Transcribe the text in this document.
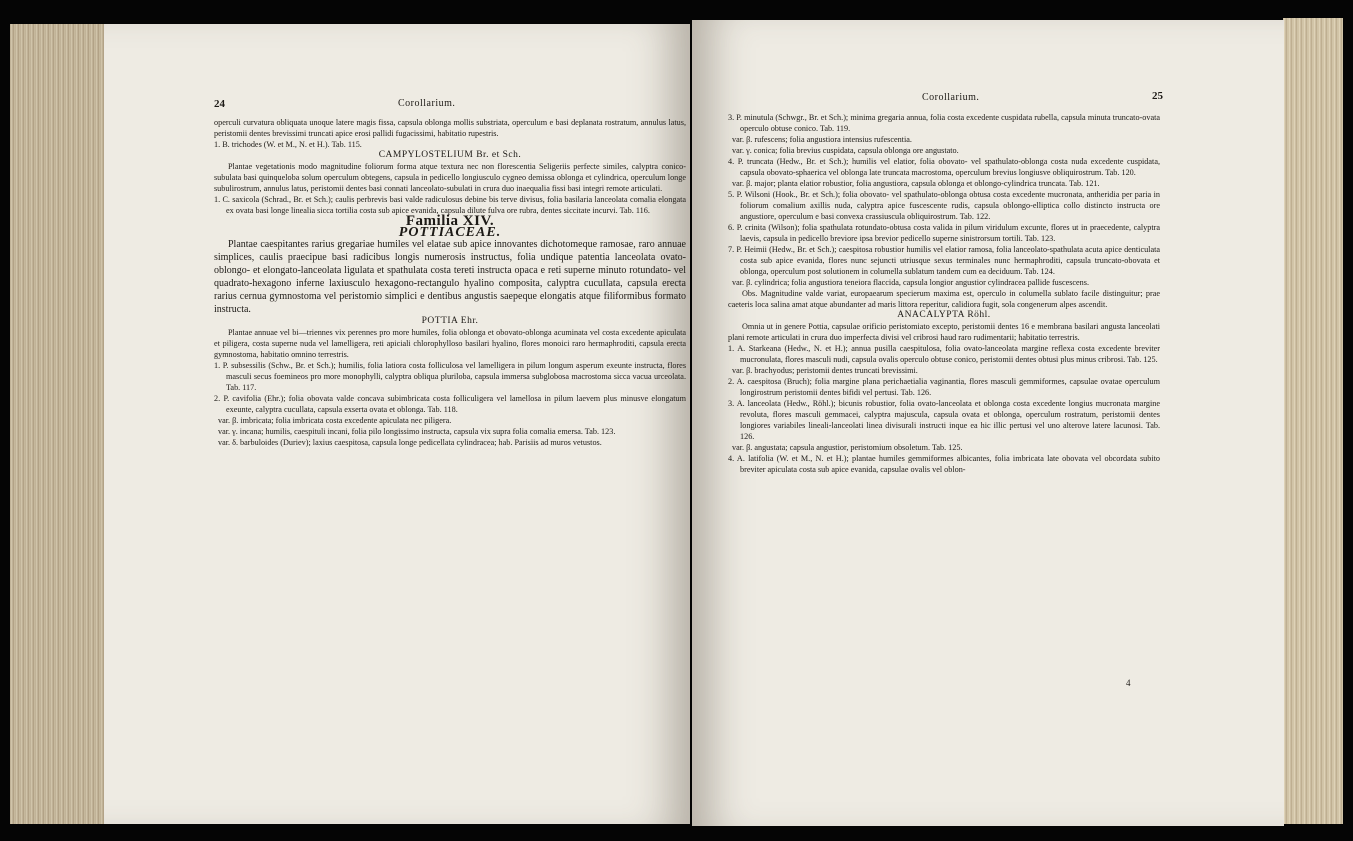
24	Corollarium.

operculi curvatura obliquata unoque latere magis fissa, capsula oblonga mollis substriata, operculum e basi deplanata rostratum, annulus latus, peristomii dentes brevissimi truncati apice erosi pallidi fugacissimi, habitatio rupestris.

1. B. trichodes (W. et M., N. et H.). Tab. 115.

CAMPYLOSTELIUM Br. et Sch.

Plantae vegetationis modo magnitudine foliorum forma atque textura nec non florescentia Seligeriis perfecte similes, calyptra conico-subulata basi quinqueloba solum operculum obtegens, capsula in pedicello longiusculo cygneo demissa oblonga et cylindrica, operculum longe subulirostrum, annulus latus, peristomii dentes basi connati lanceolato-subulati in crura duo inaequalia fissi basi integri remote articulati.

1. C. saxicola (Schrad., Br. et Sch.); caulis perbrevis basi valde radiculosus debine bis terve divisus, folia basilaria lanceolata comalia elongata ex ovata basi longe linealia sicca tortilia costa sub apice evanida, capsula dilute fulva ore rubra, dentes siccitate incurvi. Tab. 116.

Familia XIV.

POTTIACEAE.

Plantae caespitantes rarius gregariae humiles vel elatae sub apice innovantes dichotomeque ramosae, raro annuae simplices, caulis praecipue basi radicibus longis numerosis instructus, folia undique patentia lanceolata ovato-oblongo- et elongato-lanceolata ligulata et spathulata costa tereti instructa opaca e reti superne minuto rotundato- vel quadrato-hexagono inferne laxiusculo hexagono-rectangulo hyalino composita, calyptra cucullata, capsula erecta rarius cernua gymnostoma vel peristomio simplici e dentibus angustis saepeque elongatis atque filiformibus formato instructa.

POTTIA Ehr.

Plantae annuae vel bi—triennes vix perennes pro more humiles, folia oblonga et obovato-oblonga acuminata vel costa excedente apiculata et piligera, costa superne nuda vel lamelligera, reti apiciali chlorophylloso basilari hyalino, flores monoici raro hermaphroditi, capsula erecta gymnostoma, habitatio omnino terrestris.

1. P. subsessilis (Schw., Br. et Sch.); humilis, folia latiora costa folliculosa vel lamelligera in pilum longum asperum exeunte instructa, flores masculi secus foemineos pro more monophylli, calyptra obliqua pluriloba, capsula immersa subglobosa macrostoma sicca vacua urceolata. Tab. 117.

2. P. cavifolia (Ehr.); folia obovata valde concava subimbricata costa folliculigera vel lamellosa in pilum laevem plus minusve elongatum exeunte, calyptra cucullata, capsula exserta ovata et oblonga. Tab. 118.

var. β. imbricata; folia imbricata costa excedente apiculata nec piligera.

var. γ. incana; humilis, caespituli incani, folia pilo longissimo instructa, capsula vix supra folia comalia emersa. Tab. 123.

var. δ. barbuloides (Duriev); laxius caespitosa, capsula longe pedicellata cylindracea; hab. Parisiis ad muros vetustos.

Corollarium.	25

3. P. minutula (Schwgr., Br. et Sch.); minima gregaria annua, folia costa excedente cuspidata rubella, capsula minuta truncato-ovata operculo obtuse conico. Tab. 119.

var. β. rufescens; folia angustiora intensius rufescentia.

var. γ. conica; folia brevius cuspidata, capsula oblonga ore angustato.

4. P. truncata (Hedw., Br. et Sch.); humilis vel elatior, folia obovato- vel spathulato-oblonga costa nuda excedente cuspidata, capsula obovato-sphaerica vel oblonga late truncata macrostoma, operculum brevius longiusve obliquirostrum. Tab. 120.

var. β. major; planta elatior robustior, folia angustiora, capsula oblonga et oblongo-cylindrica truncata. Tab. 121.

5. P. Wilsoni (Hook., Br. et Sch.); folia obovato- vel spathulato-oblonga obtusa costa excedente mucronata, antheridia per paria in foliorum comalium axillis nuda, calyptra apice fuscescente rudis, capsula oblongo-elliptica collo distincto instructa ore angustiore, operculum e basi convexa crassiuscula obliquirostrum. Tab. 122.

6. P. crinita (Wilson); folia spathulata rotundato-obtusa costa valida in pilum viridulum excunte, flores ut in praecedente, calyptra laevis, capsula in pedicello breviore ipsa brevior pedicello superne sinistrorsum tortili. Tab. 123.

7. P. Heimii (Hedw., Br. et Sch.); caespitosa robustior humilis vel elatior ramosa, folia lanceolato-spathulata acuta apice denticulata costa sub apice evanida, flores nunc sejuncti utriusque sexus terminales nunc hermaphroditi, capsula truncato-obovata et oblonga, operculum post solutionem in columella sublatum tandem cum ea deciduum. Tab. 124.

var. β. cylindrica; folia angustiora teneiora flaccida, capsula longior angustior cylindracea pallide fuscescens.

Obs. Magnitudine valde variat, europaearum specierum maxima est, operculo in columella sublato facile distinguitur; prae caeteris loca salina amat atque abundanter ad maris littora reperitur, calidiora fugit, sola congenerum alpes ascendit.

ANACALYPTA Röhl.

Omnia ut in genere Pottia, capsulae orificio peristomiato excepto, peristomii dentes 16 e membrana basilari angusta lanceolati plani remote articulati in crura duo imperfecta divisi vel cribrosi haud raro rudimentarii; habitatio terrestris.

1. A. Starkeana (Hedw., N. et H.); annua pusilla caespitulosa, folia ovato-lanceolata margine reflexa costa excedente breviter mucronulata, flores masculi nudi, capsula ovalis operculo obtuse conico, peristomii dentes obtusi plus minus cribrosi. Tab. 125.

var. β. brachyodus; peristomii dentes truncati brevissimi.

2. A. caespitosa (Bruch); folia margine plana perichaetialia vaginantia, flores masculi gemmiformes, capsulae ovatae operculum longirostrum peristomii dentes bifidi vel pertusi. Tab. 126.

3. A. lanceolata (Hedw., Röhl.); bicunis robustior, folia ovato-lanceolata et oblonga costa excedente longius mucronata margine revoluta, flores masculi gemmacei, calyptra majuscula, capsula ovata et oblonga, operculum rostratum, peristomii dentes longiores variabiles lineali-lanceolati linea divisurali instructi inque ea hic illic pertusi vel uno alterove latere lacunosi. Tab. 126.

var. β. angustata; capsula angustior, peristomium obsoletum. Tab. 125.

4. A. latifolia (W. et M., N. et H.); plantae humiles gemmiformes albicantes, folia imbricata late obovata vel obcordata subito breviter apiculata costa sub apice evanida, capsulae ovalis vel oblon-

4
